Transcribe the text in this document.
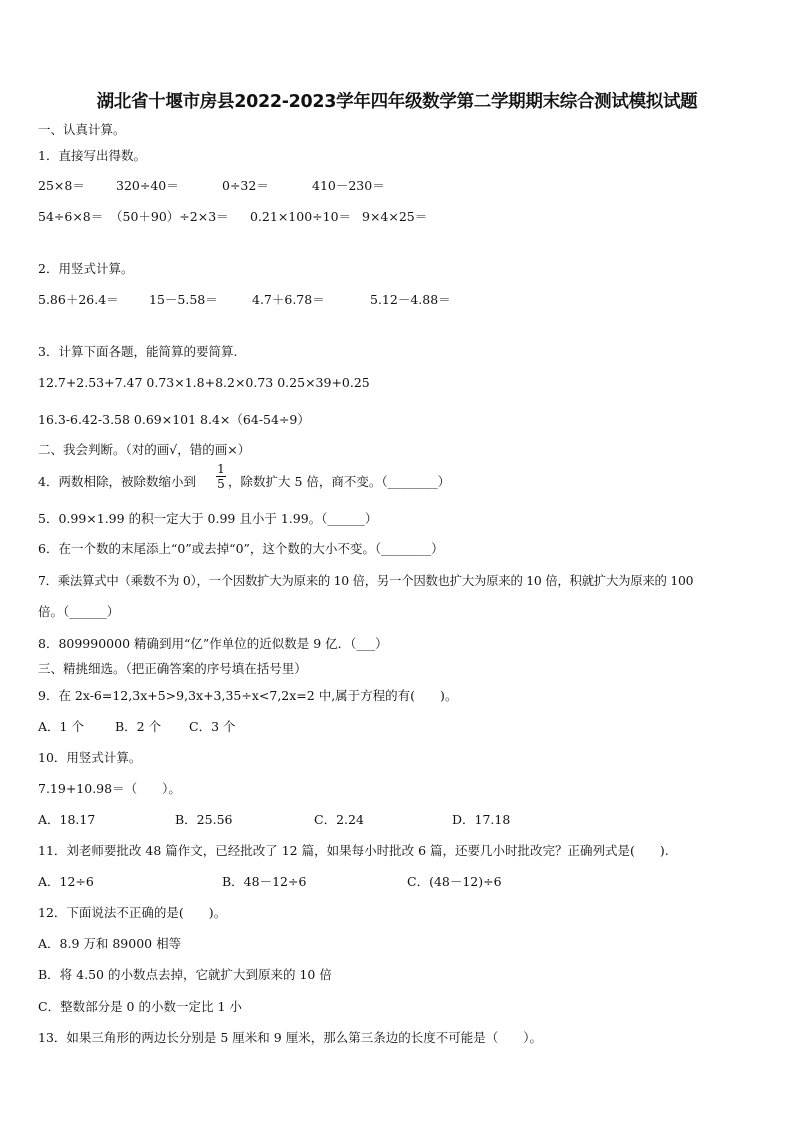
湖北省十堰市房县2022-2023学年四年级数学第二学期期末综合测试模拟试题
一、认真计算。
1．直接写出得数。
25×8＝ 320÷40＝	0÷32＝	410－230＝
54÷6×8＝ （50＋90）÷2×3＝ 0.21×100÷10＝ 9×4×25＝
2．用竖式计算。
5.86＋26.4＝ 15－5.58＝	4.7＋6.78＝	5.12－4.88＝
3．计算下面各题，能简算的要简算.
12.7+2.53+7.47 0.73×1.8+8.2×0.73 0.25×39+0.25
16.3-6.42-3.58 0.69×101 8.4×（64-54÷9）
二、我会判断。（对的画√，错的画×）
4．两数相除，被除数缩小到
1
5 ，除数扩大 5 倍，商不变。（________）
5．0.99×1.99 的积一定大于 0.99 且小于 1.99。（______）
6．在一个数的末尾添上“0”或去掉“0”，这个数的大小不变。（________）
7．乘法算式中（乘数不为 0），一个因数扩大为原来的 10 倍，另一个因数也扩大为原来的 10 倍，积就扩大为原来的 100
倍。（______）
8．809990000 精确到用“亿”作单位的近似数是 9 亿．（___）
三、精挑细选。（把正确答案的序号填在括号里）
9．在 2x-6=12,3x+5>9,3x+3,35÷x<7,2x=2 中,属于方程的有(　　)。
A．1 个 B．2 个 C．3 个
10．用竖式计算。
7.19+10.98＝（　　）。
A．18.17	B．25.56	C．2.24	D．17.18
11．刘老师要批改 48 篇作文，已经批改了 12 篇，如果每小时批改 6 篇，还要几小时批改完？正确列式是(　　).
A．12÷6	B．48－12÷6	C．(48－12)÷6
12．下面说法不正确的是(　　)。
A．8.9 万和 89000 相等
B．将 4.50 的小数点去掉，它就扩大到原来的 10 倍
C．整数部分是 0 的小数一定比 1 小
13．如果三角形的两边长分别是 5 厘米和 9 厘米，那么第三条边的长度不可能是（　　）。
